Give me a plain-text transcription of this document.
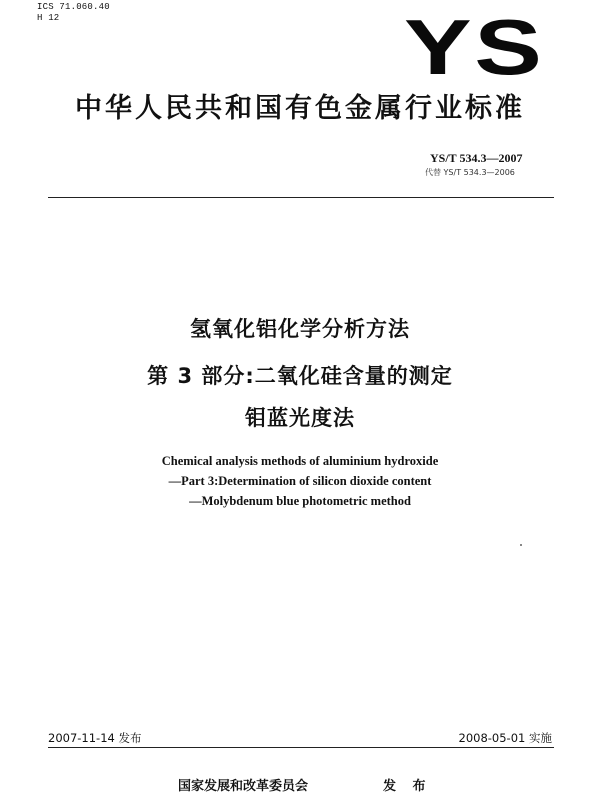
ICS 71.060.40
H 12	YS
中华人民共和国有色金属行业标准
YS/T 534.3—2007
代替 YS/T 534.3—2006
氢氧化铝化学分析方法
第 3 部分:二氧化硅含量的测定
钼蓝光度法
Chemical analysis methods of aluminium hydroxide
—Part 3:Determination of silicon dioxide content
—Molybdenum blue photometric method
2007-11-14 发布	2008-05-01 实施
国家发展和改革委员会	发 布
